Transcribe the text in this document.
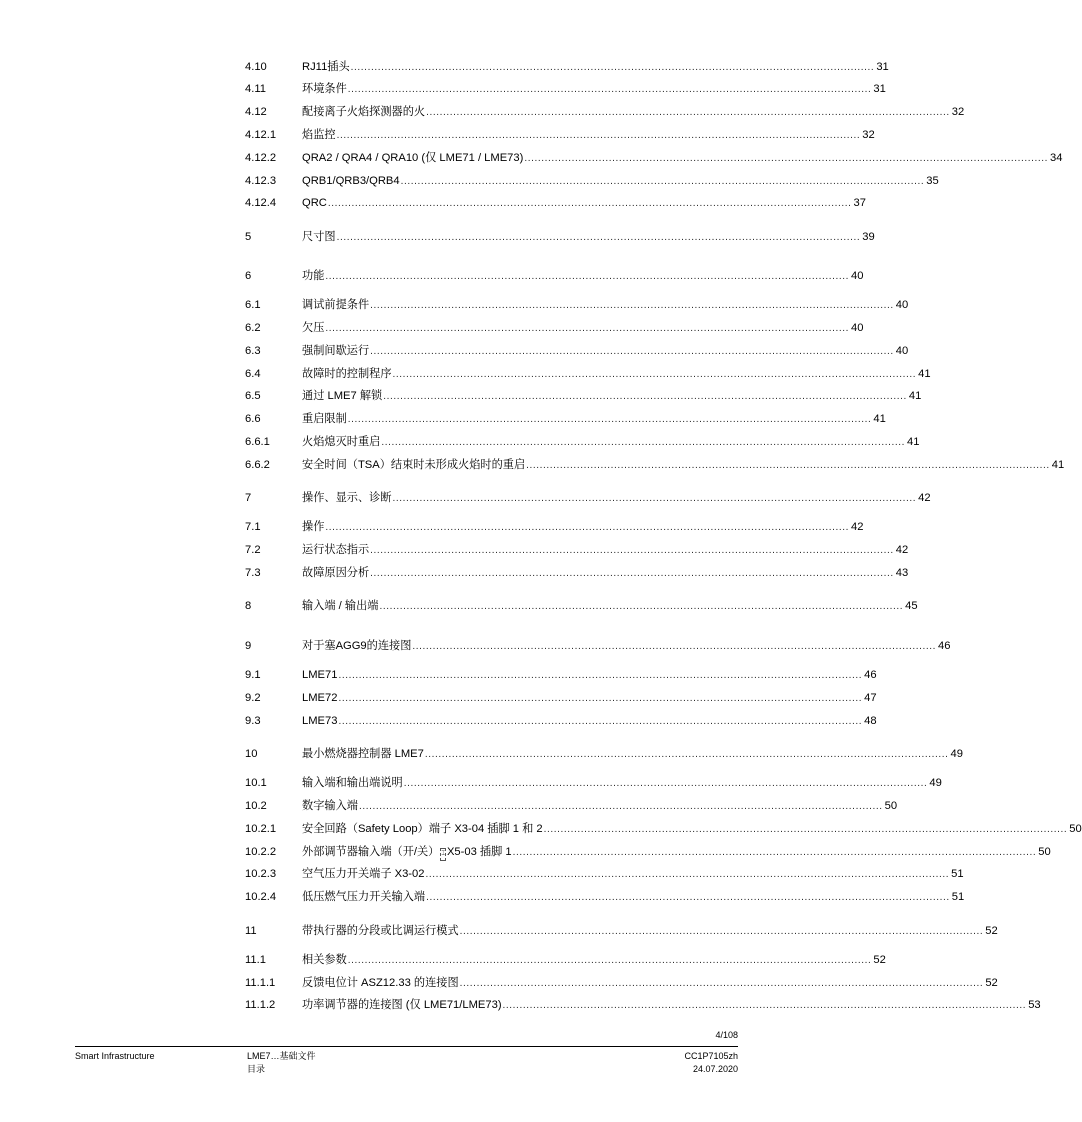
4.10	RJ11插头 ........................................................................................................................................................... 31
4.11	环境条件 ........................................................................................................................................................... 31
4.12	配接离子火焰探测器的火 ........................................................................................................................................................... 32
4.12.1 焰监控 ........................................................................................................................................................... 32
4.12.2 QRA2 / QRA4 / QRA10 (仅 LME71 / LME73) ........................................................................................................................................................... 34
4.12.3 QRB1/QRB3/QRB4 ........................................................................................................................................................... 35
4.12.4 QRC ........................................................................................................................................................... 37
5	尺寸图 ........................................................................................................................................................... 39
6	功能 ........................................................................................................................................................... 40
6.1	调试前提条件 ........................................................................................................................................................... 40
6.2	欠压 ........................................................................................................................................................... 40
6.3	强制间歇运行 ........................................................................................................................................................... 40
6.4	故障时的控制程序 ........................................................................................................................................................... 41
6.5	通过 LME7 解锁 ........................................................................................................................................................... 41
6.6	重启限制 ........................................................................................................................................................... 41
6.6.1	火焰熄灭时重启 ........................................................................................................................................................... 41
6.6.2	安全时间（TSA）结束时未形成火焰时的重启 ........................................................................................................................................................... 41
7	操作、显示、诊断 ........................................................................................................................................................... 42
7.1	操作 ........................................................................................................................................................... 42
7.2	运行状态指示 ........................................................................................................................................................... 42
7.3	故障原因分析 ........................................................................................................................................................... 43
8	输入端 / 输出端 ........................................................................................................................................................... 45
9	对于塞AGG9的连接图 ........................................................................................................................................................... 46
9.1	LME71 ........................................................................................................................................................... 46
9.2	LME72 ........................................................................................................................................................... 47
9.3	LME73 ........................................................................................................................................................... 48
10	最小燃烧器控制器 LME7 ........................................................................................................................................................... 49
10.1	输入端和输出端说明 ........................................................................................................................................................... 49
10.2	数字输入端 ........................................................................................................................................................... 50
10.2.1 安全回路（Safety Loop）端子 X3-04 插脚 1 和 2 ........................................................................................................................................................... 50
10.2.2 外部调节器输入端（开/关） ⌶ X5-03 插脚 1 ........................................................................................................................................................... 50
10.2.3 空气压力开关端子 X3-02 ........................................................................................................................................................... 51
10.2.4 低压燃气压力开关输入端 ........................................................................................................................................................... 51
11	带执行器的分段或比调运行模式 ........................................................................................................................................................... 52
11.1	相关参数 ........................................................................................................................................................... 52
11.1.1 反馈电位计 ASZ12.33 的连接图 ........................................................................................................................................................... 52
11.1.2 功率调节器的连接图 (仅 LME71/LME73) ........................................................................................................................................................... 53
4/108
Smart Infrastructure	LME7…基础文件
目录
CC1P7105zh
24.07.2020
